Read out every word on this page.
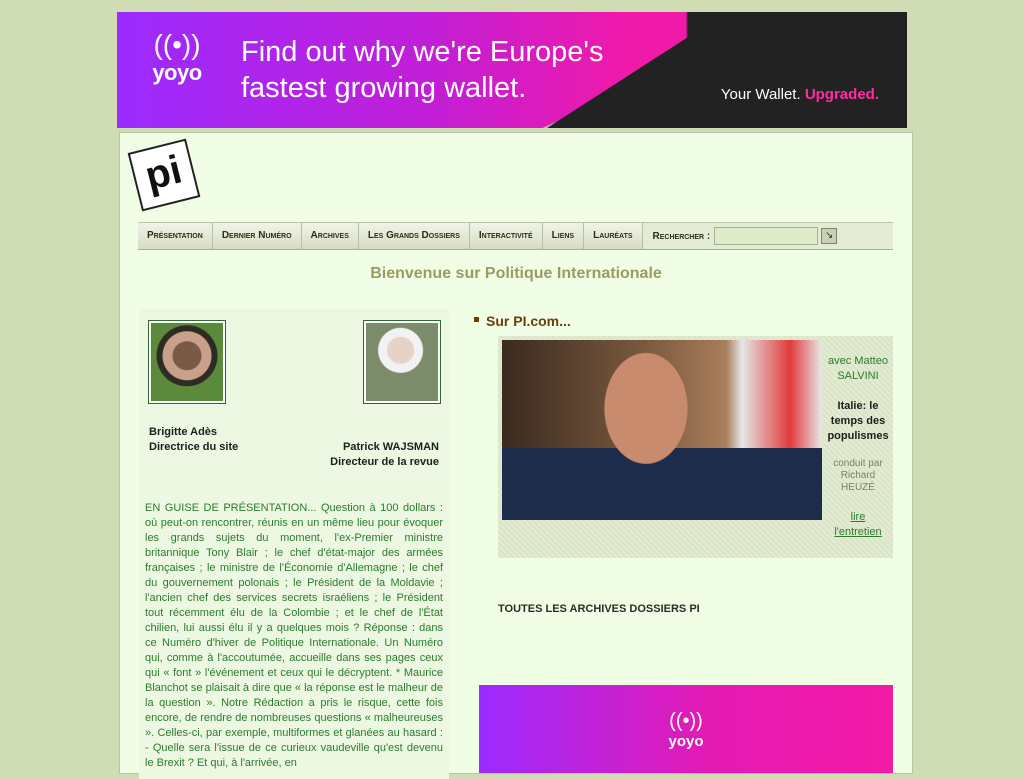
((•))
yoyo
Find out why we're Europe's
fastest growing wallet.	Your Wallet. Upgraded.
pi
Présentation	Dernier Numéro	Archives	Les Grands Dossiers	Interactivité	Liens	Lauréats	Rechercher :	↘
Bienvenue sur Politique Internationale
Brigitte Adès
Directrice du site	Patrick WAJSMAN
Directeur de la revue
EN GUISE DE PRÉSENTATION... Question à 100 dollars : où peut-on rencontrer, réunis en un même lieu pour évoquer les grands sujets du moment, l'ex-Premier ministre britannique Tony Blair ; le chef d'état-major des armées françaises ; le ministre de l'Économie d'Allemagne ; le chef du gouvernement polonais ; le Président de la Moldavie ; l'ancien chef des services secrets israéliens ; le Président tout récemment élu de la Colombie ; et le chef de l'État chilien, lui aussi élu il y a quelques mois ? Réponse : dans ce Numéro d'hiver de Politique Internationale. Un Numéro qui, comme à l'accoutumée, accueille dans ses pages ceux qui « font » l'événement et ceux qui le décryptent. * Maurice Blanchot se plaisait à dire que « la réponse est le malheur de la question ». Notre Rédaction a pris le risque, cette fois encore, de rendre de nombreuses questions « malheureuses ». Celles-ci, par exemple, multiformes et glanées au hasard : - Quelle sera l'issue de ce curieux vaudeville qu'est devenu le Brexit ? Et qui, à l'arrivée, en
Sur PI.com...
avec Matteo
SALVINI
Italie: le temps des populismes
conduit par Richard HEUZÉ
lire l'entretien
TOUTES LES ARCHIVES DOSSIERS PI
((•))
yoyo
